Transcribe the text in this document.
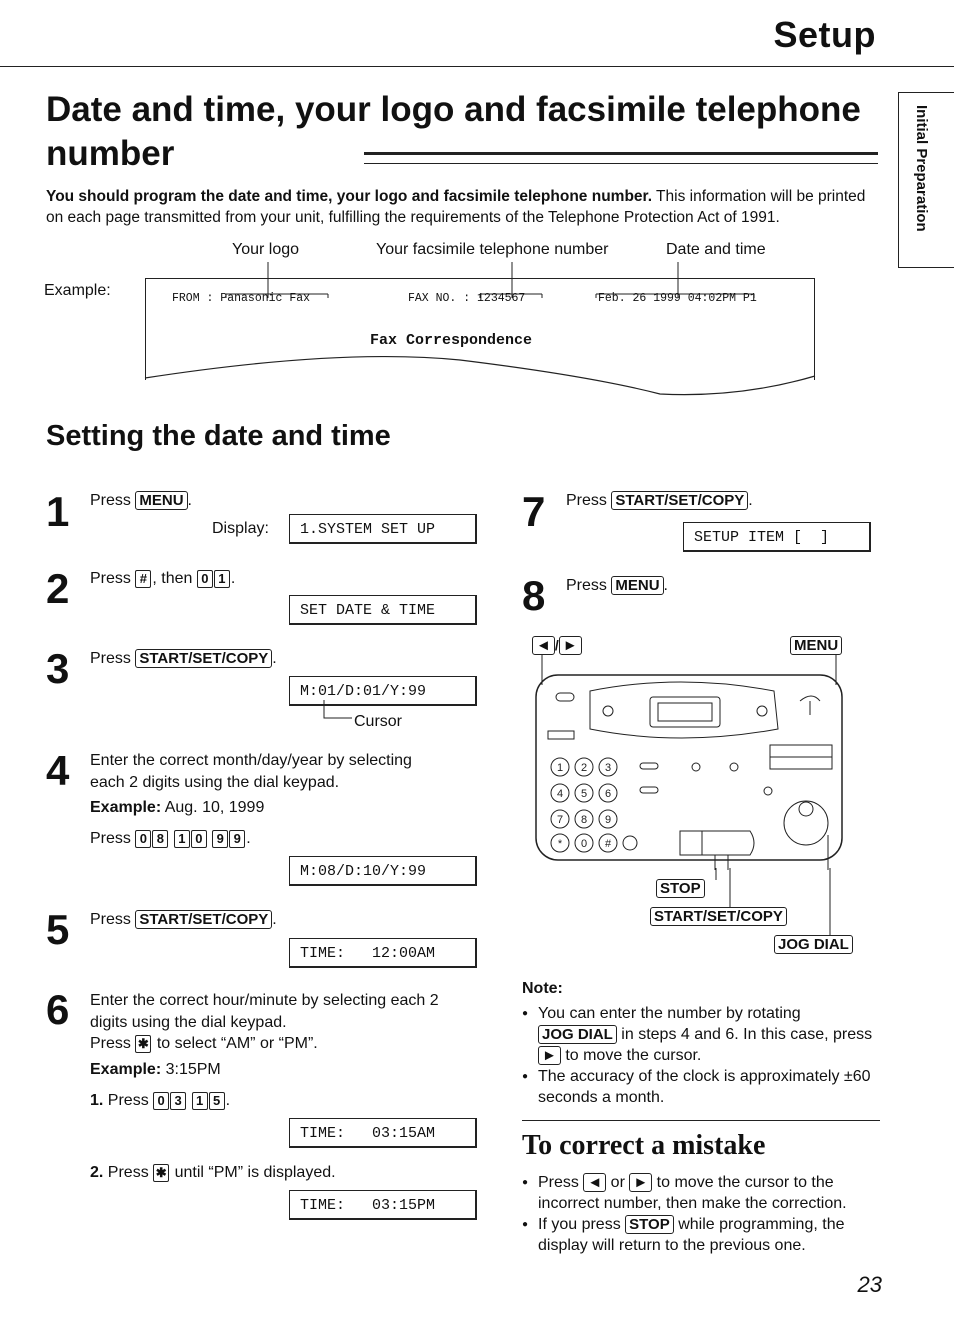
Setup
Initial Preparation
Date and time, your logo and facsimile telephone number
You should program the date and time, your logo and facsimile telephone number. This information will be printed on each page transmitted from your unit, fulfilling the requirements of the Telephone Protection Act of 1991.
Your logo	Your facsimile telephone number	Date and time
Example:	FROM : Panasonic Fax	FAX NO. : 1234567	Feb. 26 1999 04:02PM P1
Fax Correspondence
Setting the date and time
1 Press MENU .
Display:	1.SYSTEM SET UP
2 Press # , then 0 1 .
SET DATE & TIME
3 Press START/SET/COPY .
M:01/D:01/Y:99
Cursor
4 Enter the correct month/day/year by selecting each 2 digits using the dial keypad.
Example: Aug. 10, 1999
Press 0 8 1 0 9 9 .
M:08/D:10/Y:99
5 Press START/SET/COPY .
TIME:   12:00AM
6 Enter the correct hour/minute by selecting each 2 digits using the dial keypad.
Press ✱ to select “AM” or “PM”.
Example: 3:15PM
1. Press 0 3 1 5 .
TIME:   03:15AM
2. Press ✱ until “PM” is displayed.
TIME:   03:15PM
7 Press START/SET/COPY .
SETUP ITEM [  ]
8 Press MENU .
◄ / ►	MENU
1 2 3
4 5 6
7 8 9
* 0 #
STOP
START/SET/COPY
JOG DIAL
Note:
● You can enter the number by rotating JOG DIAL in steps 4 and 6. In this case, press ► to move the cursor.
● The accuracy of the clock is approximately ±60 seconds a month.
To correct a mistake
● Press ◄ or ► to move the cursor to the incorrect number, then make the correction.
● If you press STOP while programming, the display will return to the previous one.
23
